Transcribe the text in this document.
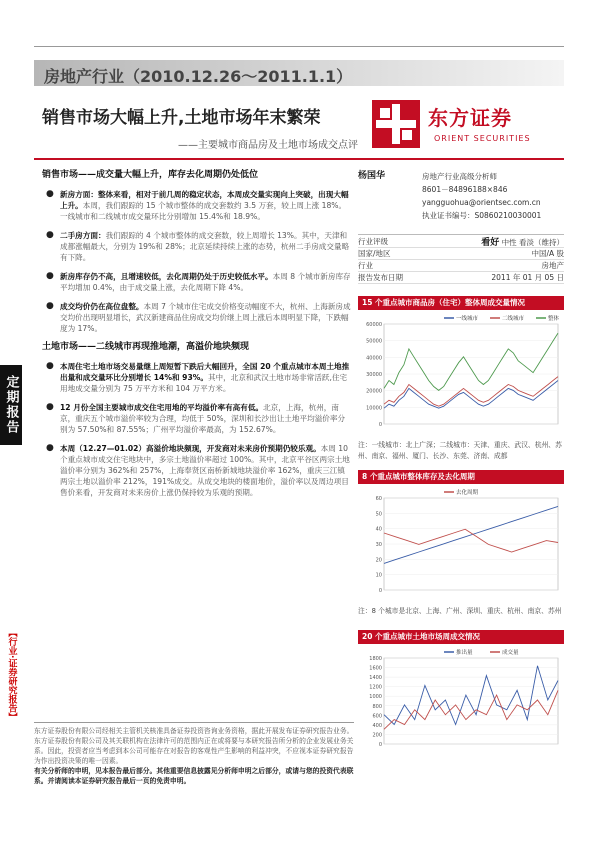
房地产行业（2010.12.26～2011.1.1）
定期报告
【行业·证券研究报告】
销售市场大幅上升,土地市场年末繁荣
——主要城市商品房及土地市场成交点评
东方证券
ORIENT SECURITIES
销售市场——成交量大幅上升，库存去化周期仍处低位
● 新房方面：整体来看，相对于前几周的稳定状态，本周成交量实现向上突破，出现大幅上升。本周，我们跟踪的 15 个城市整体的成交套数约 3.5 万套，较上周上涨 18%。一线城市和二线城市成交量环比分别增加 15.4%和 18.9%。
● 二手房方面：我们跟踪的 4 个城市整体的成交套数，较上周增长 13%。其中，天津和成都涨幅最大，分别为 19%和 28%；北京延续持续上涨的态势，杭州二手房成交量略有下降。
● 新房库存仍不高，且增速较低，去化周期仍处于历史较低水平。本周 8 个城市新房库存平均增加 0.4%，由于成交量上涨，去化周期下降 4%。
● 成交均价仍在高位盘整。本周 7 个城市住宅成交价格变动幅度不大，杭州、上海新房成交均价出现明显增长，武汉新建商品住房成交均价继上周上涨后本周明显下降，下跌幅度为 17%。
土地市场——二线城市再现推地潮，高溢价地块频现
● 本周住宅土地市场交易量继上周短暂下跌后大幅回升，全国 20 个重点城市本周土地推出量和成交量环比分别增长 14%和 93%。其中，北京和武汉土地市场非常活跃,住宅用地成交量分别为 75 万平方米和 104 万平方米。
● 12 月份全国主要城市成交住宅用地的平均溢价率有高有低。北京，上海，杭州，南京，重庆五个城市溢价率较为合理，均低于 50%，深圳和长沙出让土地平均溢价率分别为 57.50%和 87.55%；广州平均溢价率最高，为 152.67%。
● 本周（12.27—01.02）高溢价地块频现，开发商对未来房价预期仍较乐观。本周 10 个重点城市成交住宅地块中，多宗土地溢价率超过 100%。其中，北京平谷区两宗土地溢价率分别为 362%和 257%，上海奉贤区南桥新城地块溢价率 162%，重庆三江镇两宗土地以溢价率 212%，191%成交。从成交地块的楼面地价，溢价率以及周边项目售价来看，开发商对未来房价上涨仍保持较为乐观的预期。
杨国华	房地产行业高级分析师
8601－84896188×846
yangguohua@orientsec.com.cn
执业证书编号：S0860210030001
行业评级	看好 中性 看淡（维持）
国家/地区	中国/A 股
行业	房地产
报告发布日期	2011 年 01 月 05 日
15 个重点城市商品房（住宅）整体周成交量情况
60000
50000
40000
30000
20000
10000
0
一线城市	二线城市	整体
注：一线城市：北上广深；二线城市：天津、重庆、武汉、杭州、苏州、南京、福州、厦门、长沙、东莞、济南、成都
8 个重点城市整体库存及去化周期
60
50
40
30
20
10
0
去化周期
注：8 个城市是北京、上海、广州、深圳、重庆、杭州、南京、苏州
20 个重点城市土地市场周成交情况
1800
1600
1400
1200
1000
800
600
400
200
0
推出量	成交量
东方证券股份有限公司经相关主管机关核准具备证券投资咨询业务资格，据此开展发布证券研究报告业务。东方证券股份有限公司及其关联机构在法律许可的范围内正在或将要与本研究报告所分析的企业发展业务关系。因此，投资者应当考虑到本公司可能存在对报告的客观性产生影响的利益冲突，不应视本证券研究报告为作出投资决策的唯一因素。
有关分析师的申明，见本报告最后部分。其他重要信息披露见分析师申明之后部分，或请与您的投资代表联系。并请阅读本证券研究报告最后一页的免责申明。
